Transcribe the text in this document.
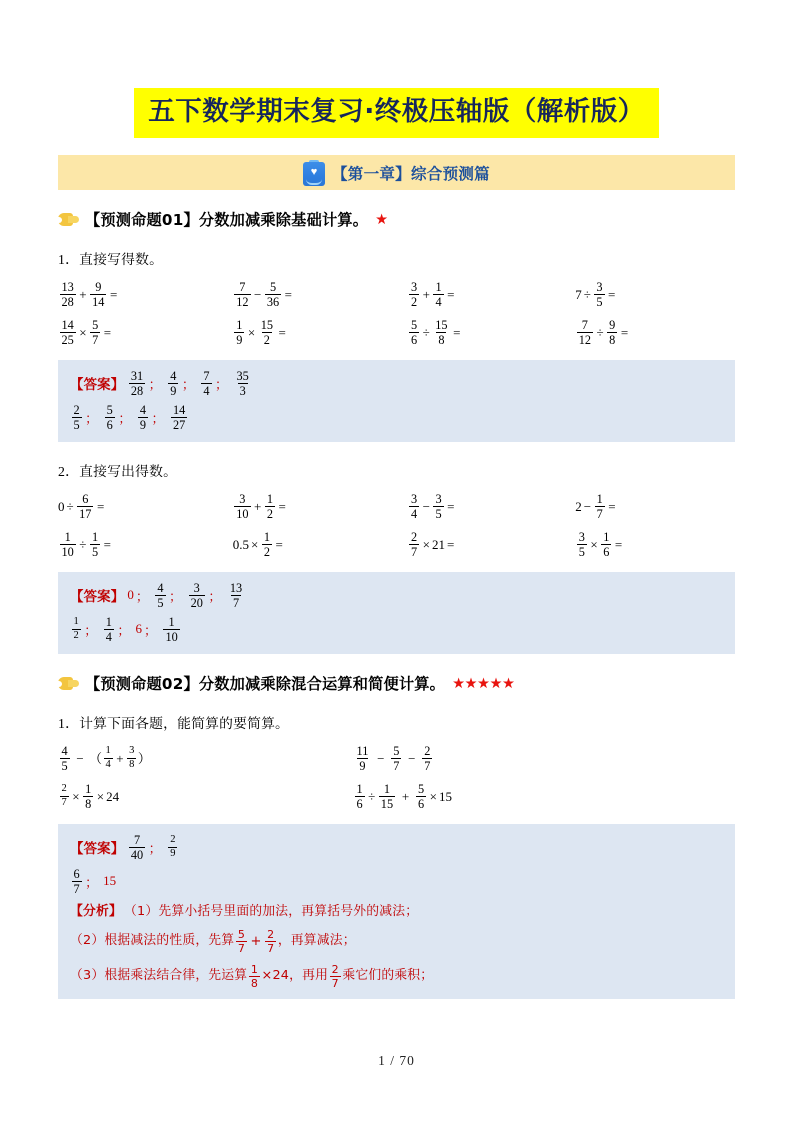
五下数学期末复习·终极压轴版（解析版）
♥ 【第一章】综合预测篇
【预测命题01】分数加减乘除基础计算。 ★
1．直接写得数。
$\frac{13}{28} + \frac{9}{14}$ =	$\frac{7}{12} - \frac{5}{36}$ =	$\frac{3}{2} + \frac{1}{4}$ =	$7 \div \frac{3}{5}$ =
$\frac{14}{25} \times \frac{5}{7}$ =	$\frac{1}{9} \times \frac{15}{2}$ =	$\frac{5}{6} \div \frac{15}{8}$ =	$\frac{7}{12} \div \frac{9}{8}$ =
【答案】 $\frac{31}{28}$ ； $\frac{4}{9}$ ； $\frac{7}{4}$ ； $\frac{35}{3}$
$\frac{2}{5}$ ； $\frac{5}{6}$ ； $\frac{4}{9}$ ； $\frac{14}{27}$
2．直接写出得数。
$0 \div \frac{6}{17}$ =	$\frac{3}{10} + \frac{1}{2}$ =	$\frac{3}{4} - \frac{3}{5}$ =	$2 - \frac{1}{7}$ =
$\frac{1}{10} \div \frac{1}{5}$ =	$0.5 \times \frac{1}{2}$ =	$\frac{2}{7} \times 21$ =	$\frac{3}{5} \times \frac{1}{6}$ =
【答案】 0 ； $\frac{4}{5}$ ； $\frac{3}{20}$ ； $\frac{13}{7}$
$\frac{1}{2}$ ； $\frac{1}{4}$ ； 6 ； $\frac{1}{10}$
【预测命题02】分数加减乘除混合运算和简便计算。 ★★★★★
1．计算下面各题，能简算的要简算。
$\frac{4}{5}$ − （ $\frac{1}{4} + \frac{3}{8}$ ）	$\frac{11}{9} - \frac{5}{7} - \frac{2}{7}$
$\frac{2}{7} \times \frac{1}{8} \times 24$	$\frac{1}{6} \div \frac{1}{15} + \frac{5}{6} \times 15$
【答案】 $\frac{7}{40}$ ； $\frac{2}{9}$
$\frac{6}{7}$ ； 15
【分析】 （1）先算小括号里面的加法，再算括号外的减法；
（2）根据减法的性质，先算 $\frac{5}{7} + \frac{2}{7}$ ，再算减法；
（3）根据乘法结合律，先运算 $\frac{1}{8} \times 24$ ，再用 $\frac{2}{7}$ 乘它们的乘积；
1 / 70
